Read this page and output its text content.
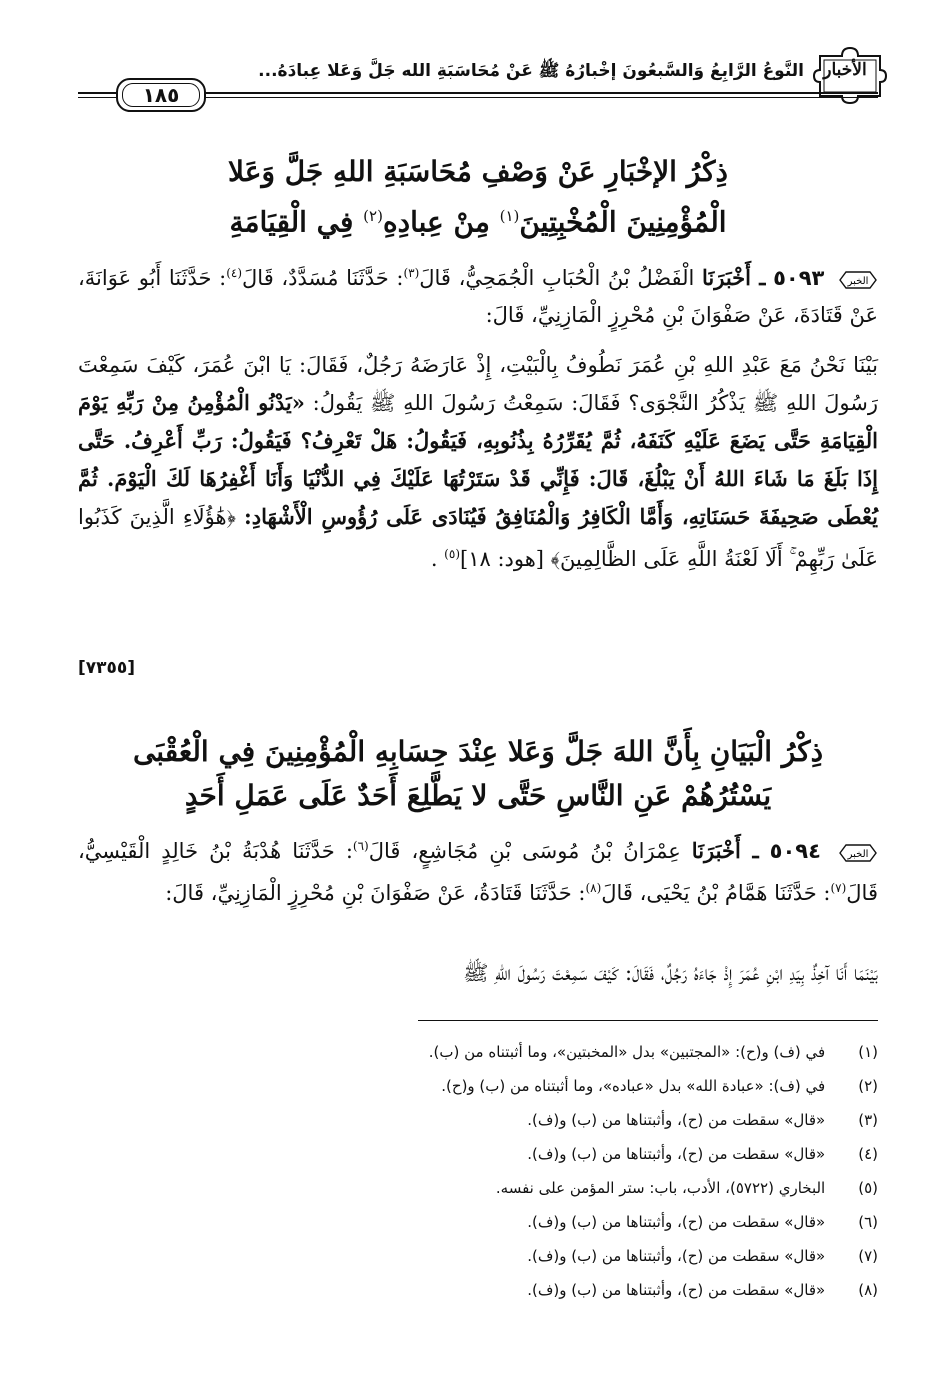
الأخبار
النَّوعُ الرَّابِعُ وَالسَّبعُونَ إخْبارُهُ ﷺ عَنْ مُحَاسَبَةِ الله جَلَّ وَعَلا عِبادَهُ...
١٨٥
ذِكْرُ الإخْبَارِ عَنْ وَصْفِ مُحَاسَبَةِ اللهِ جَلَّ وَعَلا
الْمُؤْمِنِينَ الْمُخْبِتِينَ$^{(١)}$ مِنْ عِبادِهِ$^{(٢)}$ فِي الْقِيَامَةِ
الخبر
٥٠٩٣ ـ أَخْبَرَنَا الْفَضْلُ بْنُ الْحُبَابِ الْجُمَحِيُّ، قَالَ$^{(٣)}$: حَدَّثَنَا مُسَدَّدٌ، قَالَ$^{(٤)}$: حَدَّثَنَا أَبُو عَوَانَةَ، عَنْ قَتَادَةَ، عَنْ صَفْوَانَ بْنِ مُحْرِزٍ الْمَازِنِيِّ، قَالَ:
بَيْنَا نَحْنُ مَعَ عَبْدِ اللهِ بْنِ عُمَرَ نَطُوفُ بِالْبَيْتِ، إِذْ عَارَضَهُ رَجُلٌ، فَقَالَ: يَا ابْنَ عُمَرَ، كَيْفَ سَمِعْتَ رَسُولَ اللهِ ﷺ يَذْكُرُ النَّجْوَى؟ فَقَالَ: سَمِعْتُ رَسُولَ اللهِ ﷺ يَقُولُ: «يَدْنُو الْمُؤْمِنُ مِنْ رَبِّهِ يَوْمَ الْقِيَامَةِ حَتَّى يَضَعَ عَلَيْهِ كَنَفَهُ، ثُمَّ يُقَرِّرُهُ بِذُنُوبِهِ، فَيَقُولُ: هَلْ تَعْرِفُ؟ فَيَقُولُ: رَبِّ أَعْرِفُ. حَتَّى إِذَا بَلَغَ مَا شَاءَ اللهُ أَنْ يَبْلُغَ، قَالَ: فَإِنِّي قَدْ سَتَرْتُهَا عَلَيْكَ فِي الدُّنْيَا وَأَنَا أَغْفِرُهَا لَكَ الْيَوْمَ. ثُمَّ يُعْطَى صَحِيفَةَ حَسَنَاتِهِ، وَأَمَّا الْكَافِرُ وَالْمُنَافِقُ فَيُنَادَى عَلَى رُؤُوسِ الْأَشْهَادِ: ﴿هَٰؤُلَاءِ الَّذِينَ كَذَبُوا عَلَىٰ رَبِّهِمْ ۚ أَلَا لَعْنَةُ اللَّهِ عَلَى الظَّالِمِينَ﴾ [هود: ١٨]$^{(٥)}$ .
[٧٣٥٥]
ذِكْرُ الْبَيَانِ بِأَنَّ اللهَ جَلَّ وَعَلا عِنْدَ حِسَابِهِ الْمُؤْمِنِينَ فِي الْعُقْبَى
يَسْتُرُهُمْ عَنِ النَّاسِ حَتَّى لا يَطَّلِعَ أَحَدٌ عَلَى عَمَلِ أَحَدٍ
الخبر
٥٠٩٤ ـ أَخْبَرَنَا عِمْرَانُ بْنُ مُوسَى بْنِ مُجَاشِعٍ، قَالَ$^{(٦)}$: حَدَّثَنَا هُدْبَةُ بْنُ خَالِدٍ الْقَيْسِيُّ، قَالَ$^{(٧)}$: حَدَّثَنَا هَمَّامُ بْنُ يَحْيَى، قَالَ$^{(٨)}$: حَدَّثَنَا قَتَادَةُ، عَنْ صَفْوَانَ بْنِ مُحْرِزٍ الْمَازِنِيِّ، قَالَ:
بَيْنَمَا أَنَا آخِذٌ بِيَدِ ابْنِ عُمَرَ إِذْ جَاءَهُ رَجُلٌ، فَقَالَ: كَيْفَ سَمِعْتَ رَسُولَ اللهِ ﷺ
(١) في (ف) و(ح): «المجتبين» بدل «المخبتين»، وما أثبتناه من (ب).
(٢) في (ف): «عبادة الله» بدل «عباده»، وما أثبتناه من (ب) و(ح).
(٣) «قال» سقطت من (ح)، وأثبتناها من (ب) و(ف).
(٤) «قال» سقطت من (ح)، وأثبتناها من (ب) و(ف).
(٥) البخاري (٥٧٢٢)، الأدب، باب: ستر المؤمن على نفسه.
(٦) «قال» سقطت من (ح)، وأثبتناها من (ب) و(ف).
(٧) «قال» سقطت من (ح)، وأثبتناها من (ب) و(ف).
(٨) «قال» سقطت من (ح)، وأثبتناها من (ب) و(ف).
